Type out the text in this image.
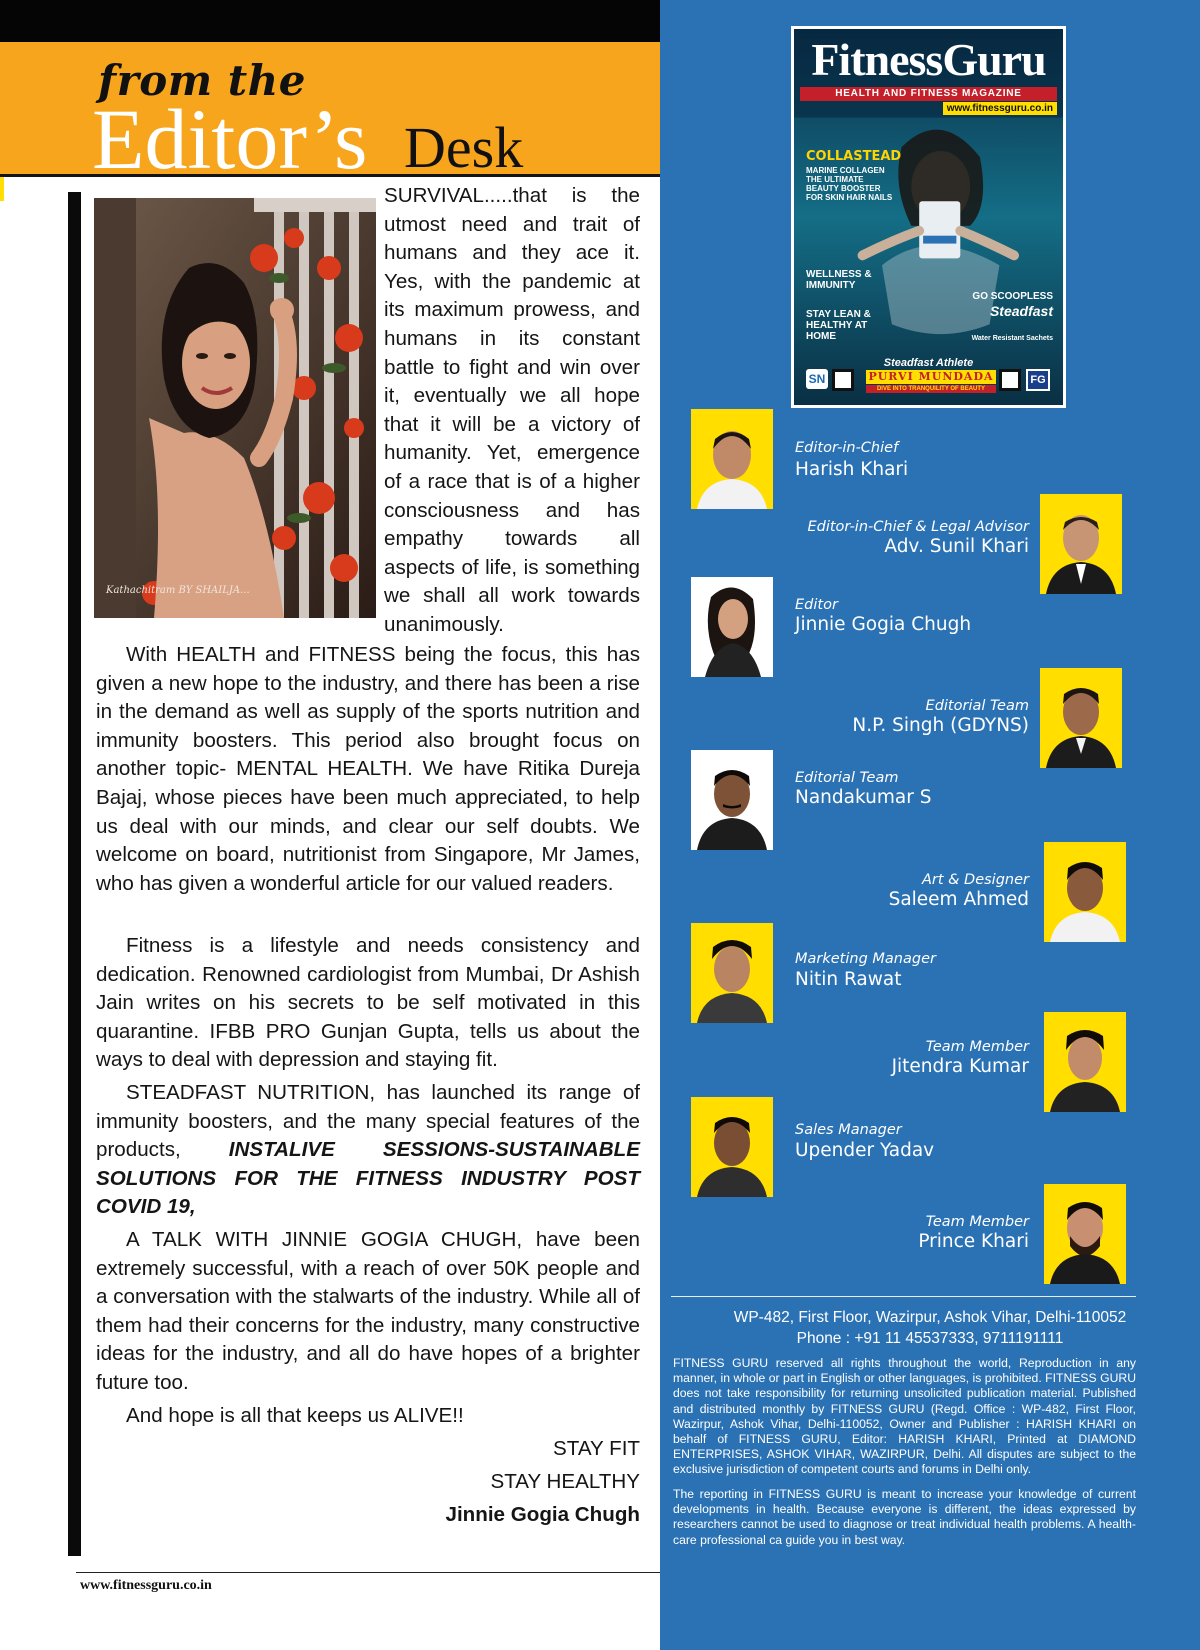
from the
Editor’s Desk
Kathachitram BY SHAILJA...
SURVIVAL.....that is the utmost need and trait of humans and they ace it. Yes, with the pandemic at its maximum prowess, and humans in its constant battle to fight and win over it, eventually we all hope that it will be a victory of humanity. Yet, emergence of a race that is of a higher consciousness and has empathy towards all aspects of life, is something we shall all work towards unanimously.
With HEALTH and FITNESS being the focus, this has given a new hope to the industry, and there has been a rise in the demand as well as supply of the sports nutrition and immunity boosters. This period also brought focus on another topic- MENTAL HEALTH. We have Ritika Dureja Bajaj, whose pieces have been much appreciated, to help us deal with our minds, and clear our self doubts. We welcome on board, nutritionist from Singapore, Mr James, who has given a wonderful article for our valued readers.
Fitness is a lifestyle and needs consistency and dedication. Renowned cardiologist from Mumbai, Dr Ashish Jain writes on his secrets to be self motivated in this quarantine. IFBB PRO Gunjan Gupta, tells us about the ways to deal with depression and staying fit.
STEADFAST NUTRITION, has launched its range of immunity boosters, and the many special features of the products, INSTALIVE SESSIONS-SUSTAINABLE SOLUTIONS FOR THE FITNESS INDUSTRY POST COVID 19,
A TALK WITH JINNIE GOGIA CHUGH, have been extremely successful, with a reach of over 50K people and a conversation with the stalwarts of the industry. While all of them had their concerns for the industry, many constructive ideas for the industry, and all do have hopes of a brighter future too.
And hope is all that keeps us ALIVE!!
STAY FIT
STAY HEALTHY
Jinnie Gogia Chugh
www.fitnessguru.co.in
FitnessGuru
HEALTH AND FITNESS MAGAZINE
www.fitnessguru.co.in
COLLASTEAD
MARINE COLLAGEN THE ULTIMATE BEAUTY BOOSTER FOR SKIN HAIR NAILS
WELLNESS & IMMUNITY
STAY LEAN & HEALTHY AT HOME
GO SCOOPLESS
Steadfast
Water Resistant Sachets
Steadfast Athlete
PURVI MUNDADA
DIVE INTO TRANQUILITY OF BEAUTY
SN	FG
Editor-in-Chief
Harish Khari
Editor-in-Chief & Legal Advisor
Adv. Sunil Khari
Editor
Jinnie Gogia Chugh
Editorial Team
N.P. Singh (GDYNS)
Editorial Team
Nandakumar S
Art & Designer
Saleem Ahmed
Marketing Manager
Nitin Rawat
Team Member
Jitendra Kumar
Sales Manager
Upender Yadav
Team Member
Prince Khari
WP-482, First Floor, Wazirpur, Ashok Vihar, Delhi-110052
Phone : +91 11 45537333, 9711191111
FITNESS GURU reserved all rights throughout the world, Reproduction in any manner, in whole or part in English or other languages, is prohibited. FITNESS GURU does not take responsibility for returning unsolicited publication material. Published and distributed monthly by FITNESS GURU (Regd. Office : WP-482, First Floor, Wazirpur, Ashok Vihar, Delhi-110052, Owner and Publisher : HARISH KHARI on behalf of FITNESS GURU, Editor: HARISH KHARI, Printed at DIAMOND ENTERPRISES, ASHOK VIHAR, WAZIRPUR, Delhi. All disputes are subject to the exclusive jurisdiction of competent courts and forums in Delhi only.
The reporting in FITNESS GURU is meant to increase your knowledge of current developments in health. Because everyone is different, the ideas expressed by researchers cannot be used to diagnose or treat individual health problems. A health-care professional ca guide you in best way.
